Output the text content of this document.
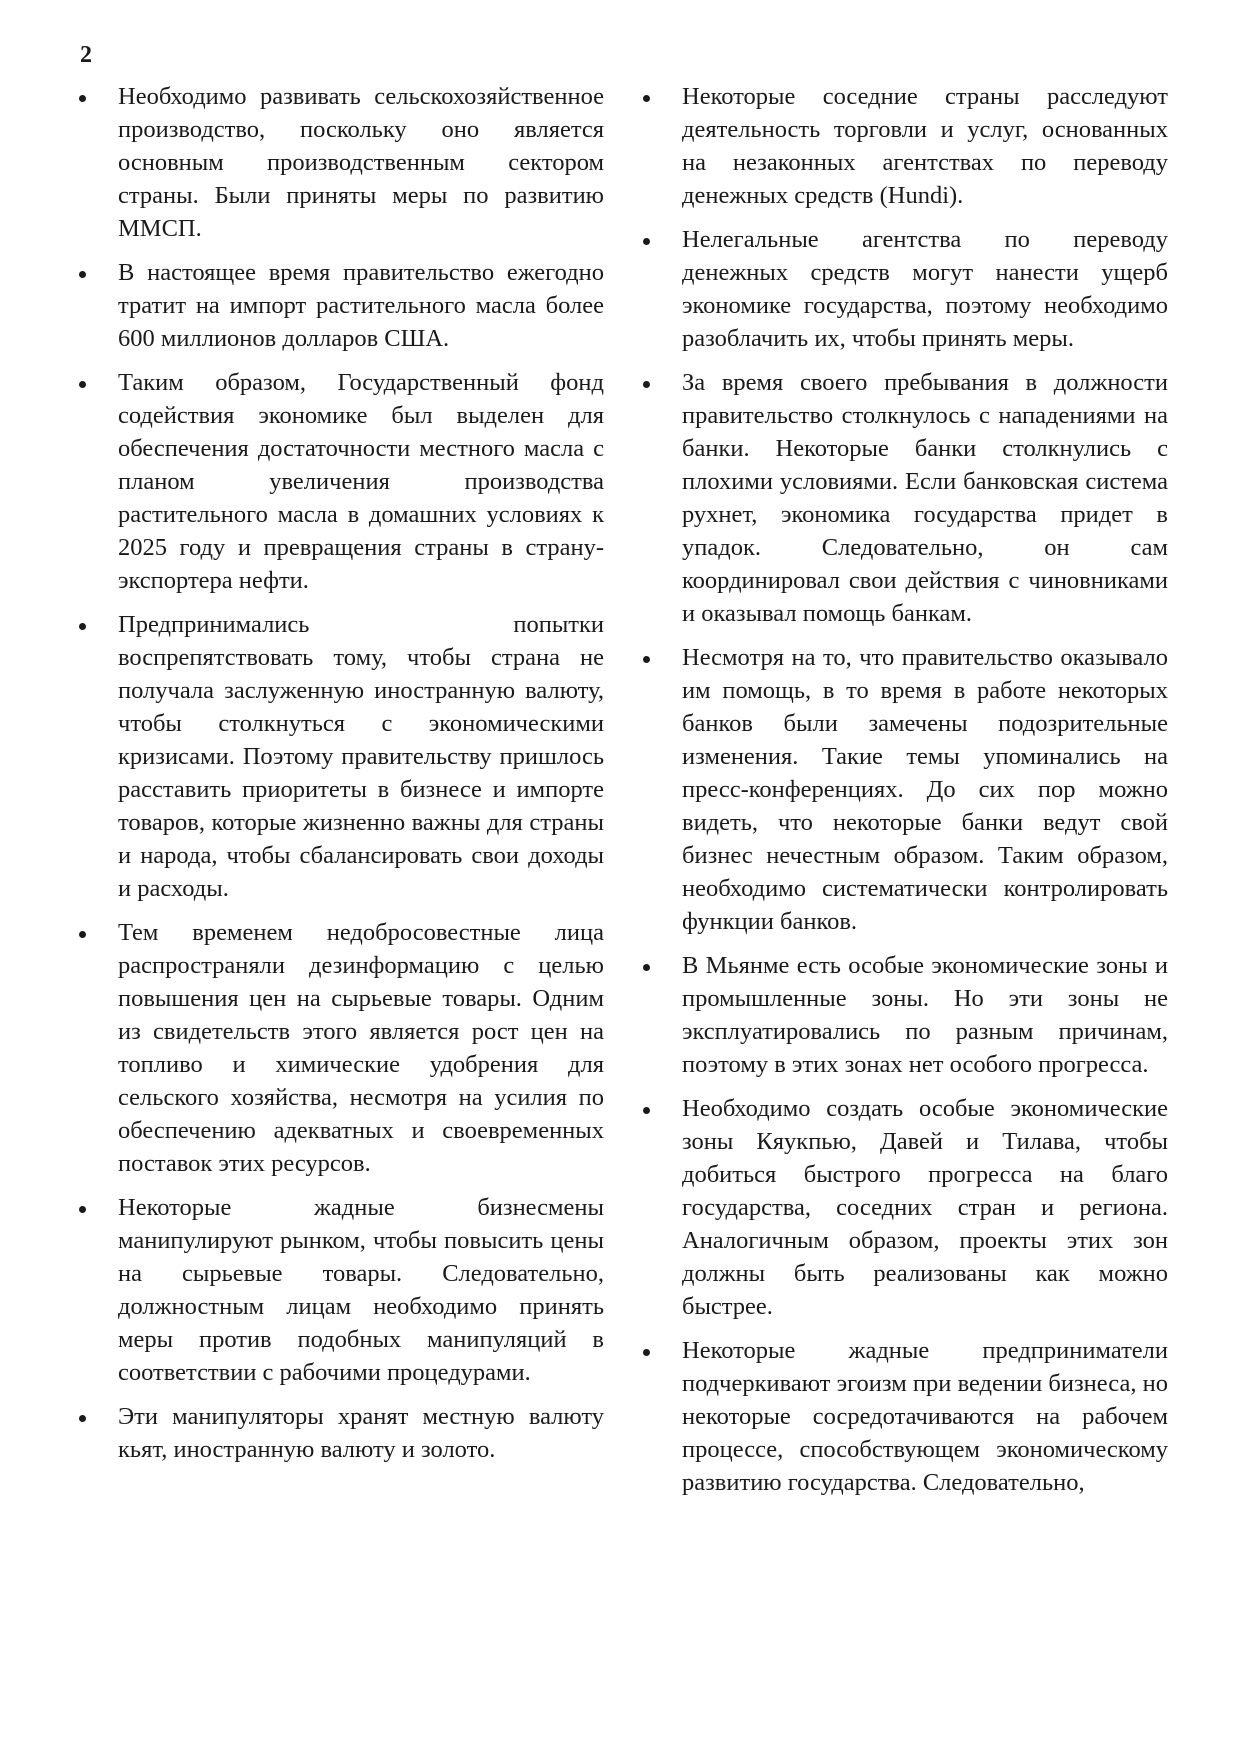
2
Необходимо развивать сельскохозяйственное производство, поскольку оно является основным производственным сектором страны. Были приняты меры по развитию ММСП.
В настоящее время правительство ежегодно тратит на импорт растительного масла более 600 миллионов долларов США.
Таким образом, Государственный фонд содействия экономике был выделен для обеспечения достаточности местного масла с планом увеличения производства растительного масла в домашних условиях к 2025 году и превращения страны в страну-экспортера нефти.
Предпринимались попытки воспрепятствовать тому, чтобы страна не получала заслуженную иностранную валюту, чтобы столкнуться с экономическими кризисами. Поэтому правительству пришлось расставить приоритеты в бизнесе и импорте товаров, которые жизненно важны для страны и народа, чтобы сбалансировать свои доходы и расходы.
Тем временем недобросовестные лица распространяли дезинформацию с целью повышения цен на сырьевые товары. Одним из свидетельств этого является рост цен на топливо и химические удобрения для сельского хозяйства, несмотря на усилия по обеспечению адекватных и своевременных поставок этих ресурсов.
Некоторые жадные бизнесмены манипулируют рынком, чтобы повысить цены на сырьевые товары. Следовательно, должностным лицам необходимо принять меры против подобных манипуляций в соответствии с рабочими процедурами.
Эти манипуляторы хранят местную валюту кьят, иностранную валюту и золото.
Некоторые соседние страны расследуют деятельность торговли и услуг, основанных на незаконных агентствах по переводу денежных средств (Hundi).
Нелегальные агентства по переводу денежных средств могут нанести ущерб экономике государства, поэтому необходимо разоблачить их, чтобы принять меры.
За время своего пребывания в должности правительство столкнулось с нападениями на банки. Некоторые банки столкнулись с плохими условиями. Если банковская система рухнет, экономика государства придет в упадок. Следовательно, он сам координировал свои действия с чиновниками и оказывал помощь банкам.
Несмотря на то, что правительство оказывало им помощь, в то время в работе некоторых банков были замечены подозрительные изменения. Такие темы упоминались на пресс-конференциях. До сих пор можно видеть, что некоторые банки ведут свой бизнес нечестным образом. Таким образом, необходимо систематически контролировать функции банков.
В Мьянме есть особые экономические зоны и промышленные зоны. Но эти зоны не эксплуатировались по разным причинам, поэтому в этих зонах нет особого прогресса.
Необходимо создать особые экономические зоны Кяукпью, Давей и Тилава, чтобы добиться быстрого прогресса на благо государства, соседних стран и региона. Аналогичным образом, проекты этих зон должны быть реализованы как можно быстрее.
Некоторые жадные предприниматели подчеркивают эгоизм при ведении бизнеса, но некоторые сосредотачиваются на рабочем процессе, способствующем экономическому развитию государства. Следовательно,
